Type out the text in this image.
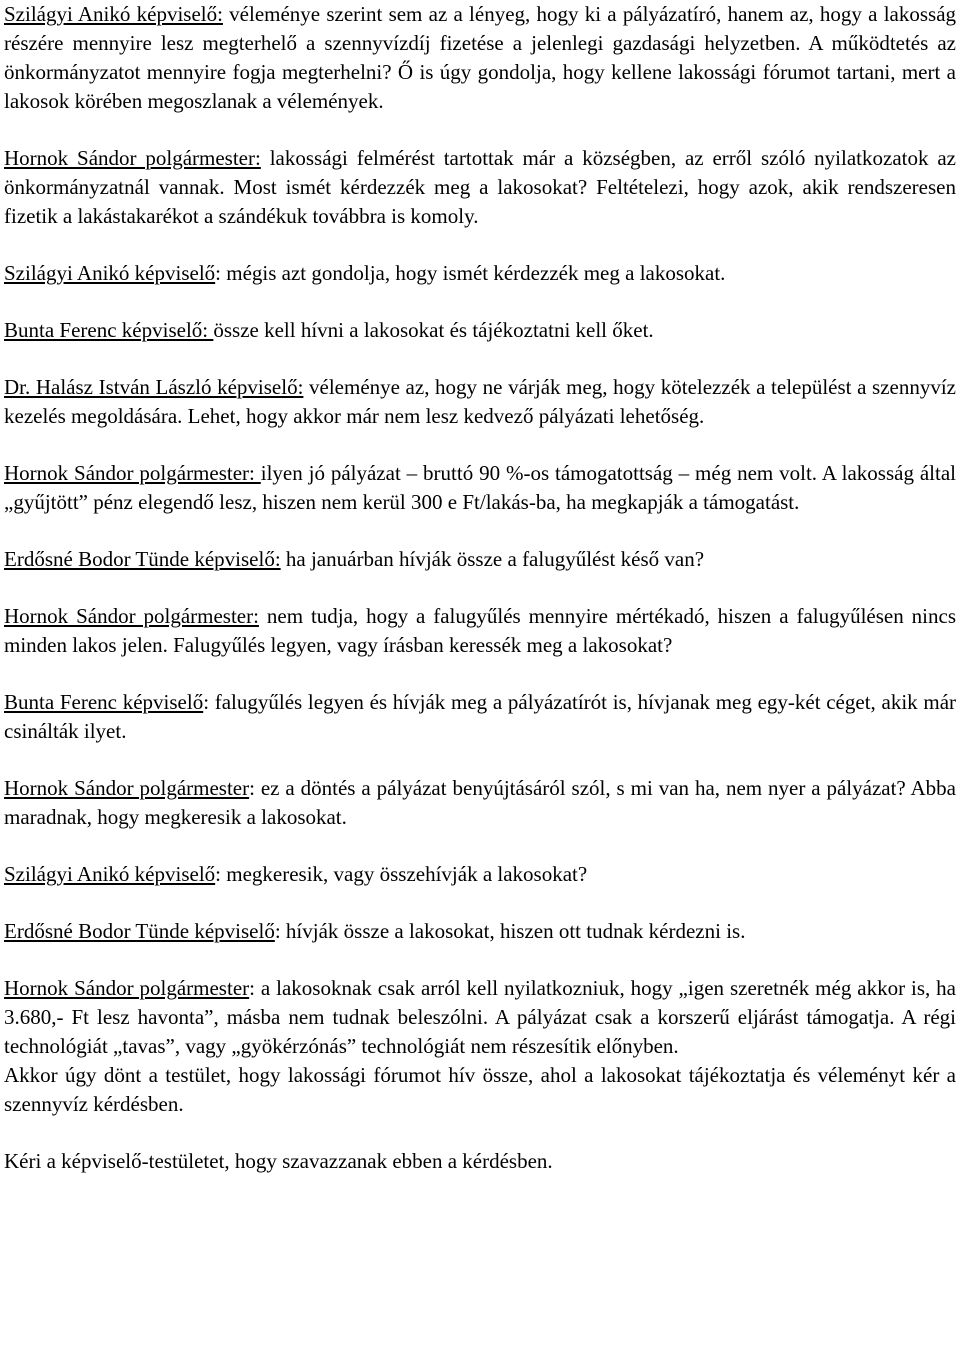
Szilágyi Anikó képviselő: véleménye szerint sem az a lényeg, hogy ki a pályázatíró, hanem az, hogy a lakosság részére mennyire lesz megterhelő a szennyvízdíj fizetése a jelenlegi gazdasági helyzetben. A működtetés az önkormányzatot mennyire fogja megterhelni? Ő is úgy gondolja, hogy kellene lakossági fórumot tartani, mert a lakosok körében megoszlanak a vélemények.

Hornok Sándor polgármester: lakossági felmérést tartottak már a községben, az erről szóló nyilatkozatok az önkormányzatnál vannak. Most ismét kérdezzék meg a lakosokat? Feltételezi, hogy azok, akik rendszeresen fizetik a lakástakarékot a szándékuk továbbra is komoly.

Szilágyi Anikó képviselő: mégis azt gondolja, hogy ismét kérdezzék meg a lakosokat.

Bunta Ferenc képviselő: össze kell hívni a lakosokat és tájékoztatni kell őket.

Dr. Halász István László képviselő: véleménye az, hogy ne várják meg, hogy kötelezzék a települést a szennyvíz kezelés megoldására. Lehet, hogy akkor már nem lesz kedvező pályázati lehetőség.

Hornok Sándor polgármester: ilyen jó pályázat – bruttó 90 %-os támogatottság – még nem volt. A lakosság által „gyűjtött” pénz elegendő lesz, hiszen nem kerül 300 e Ft/lakás-ba, ha megkapják a támogatást.

Erdősné Bodor Tünde képviselő: ha januárban hívják össze a falugyűlést késő van?

Hornok Sándor polgármester: nem tudja, hogy a falugyűlés mennyire mértékadó, hiszen a falugyűlésen nincs minden lakos jelen. Falugyűlés legyen, vagy írásban keressék meg a lakosokat?

Bunta Ferenc képviselő: falugyűlés legyen és hívják meg a pályázatírót is, hívjanak meg egy-két céget, akik már csinálták ilyet.

Hornok Sándor polgármester: ez a döntés a pályázat benyújtásáról szól, s mi van ha, nem nyer a pályázat? Abba maradnak, hogy megkeresik a lakosokat.

Szilágyi Anikó képviselő: megkeresik, vagy összehívják a lakosokat?

Erdősné Bodor Tünde képviselő: hívják össze a lakosokat, hiszen ott tudnak kérdezni is.

Hornok Sándor polgármester: a lakosoknak csak arról kell nyilatkozniuk, hogy „igen szeretnék még akkor is, ha 3.680,- Ft lesz havonta”, másba nem tudnak beleszólni. A pályázat csak a korszerű eljárást támogatja. A régi technológiát „tavas”, vagy „gyökérzónás” technológiát nem részesítik előnyben.

Akkor úgy dönt a testület, hogy lakossági fórumot hív össze, ahol a lakosokat tájékoztatja és véleményt kér a szennyvíz kérdésben.

Kéri a képviselő-testületet, hogy szavazzanak ebben a kérdésben.
